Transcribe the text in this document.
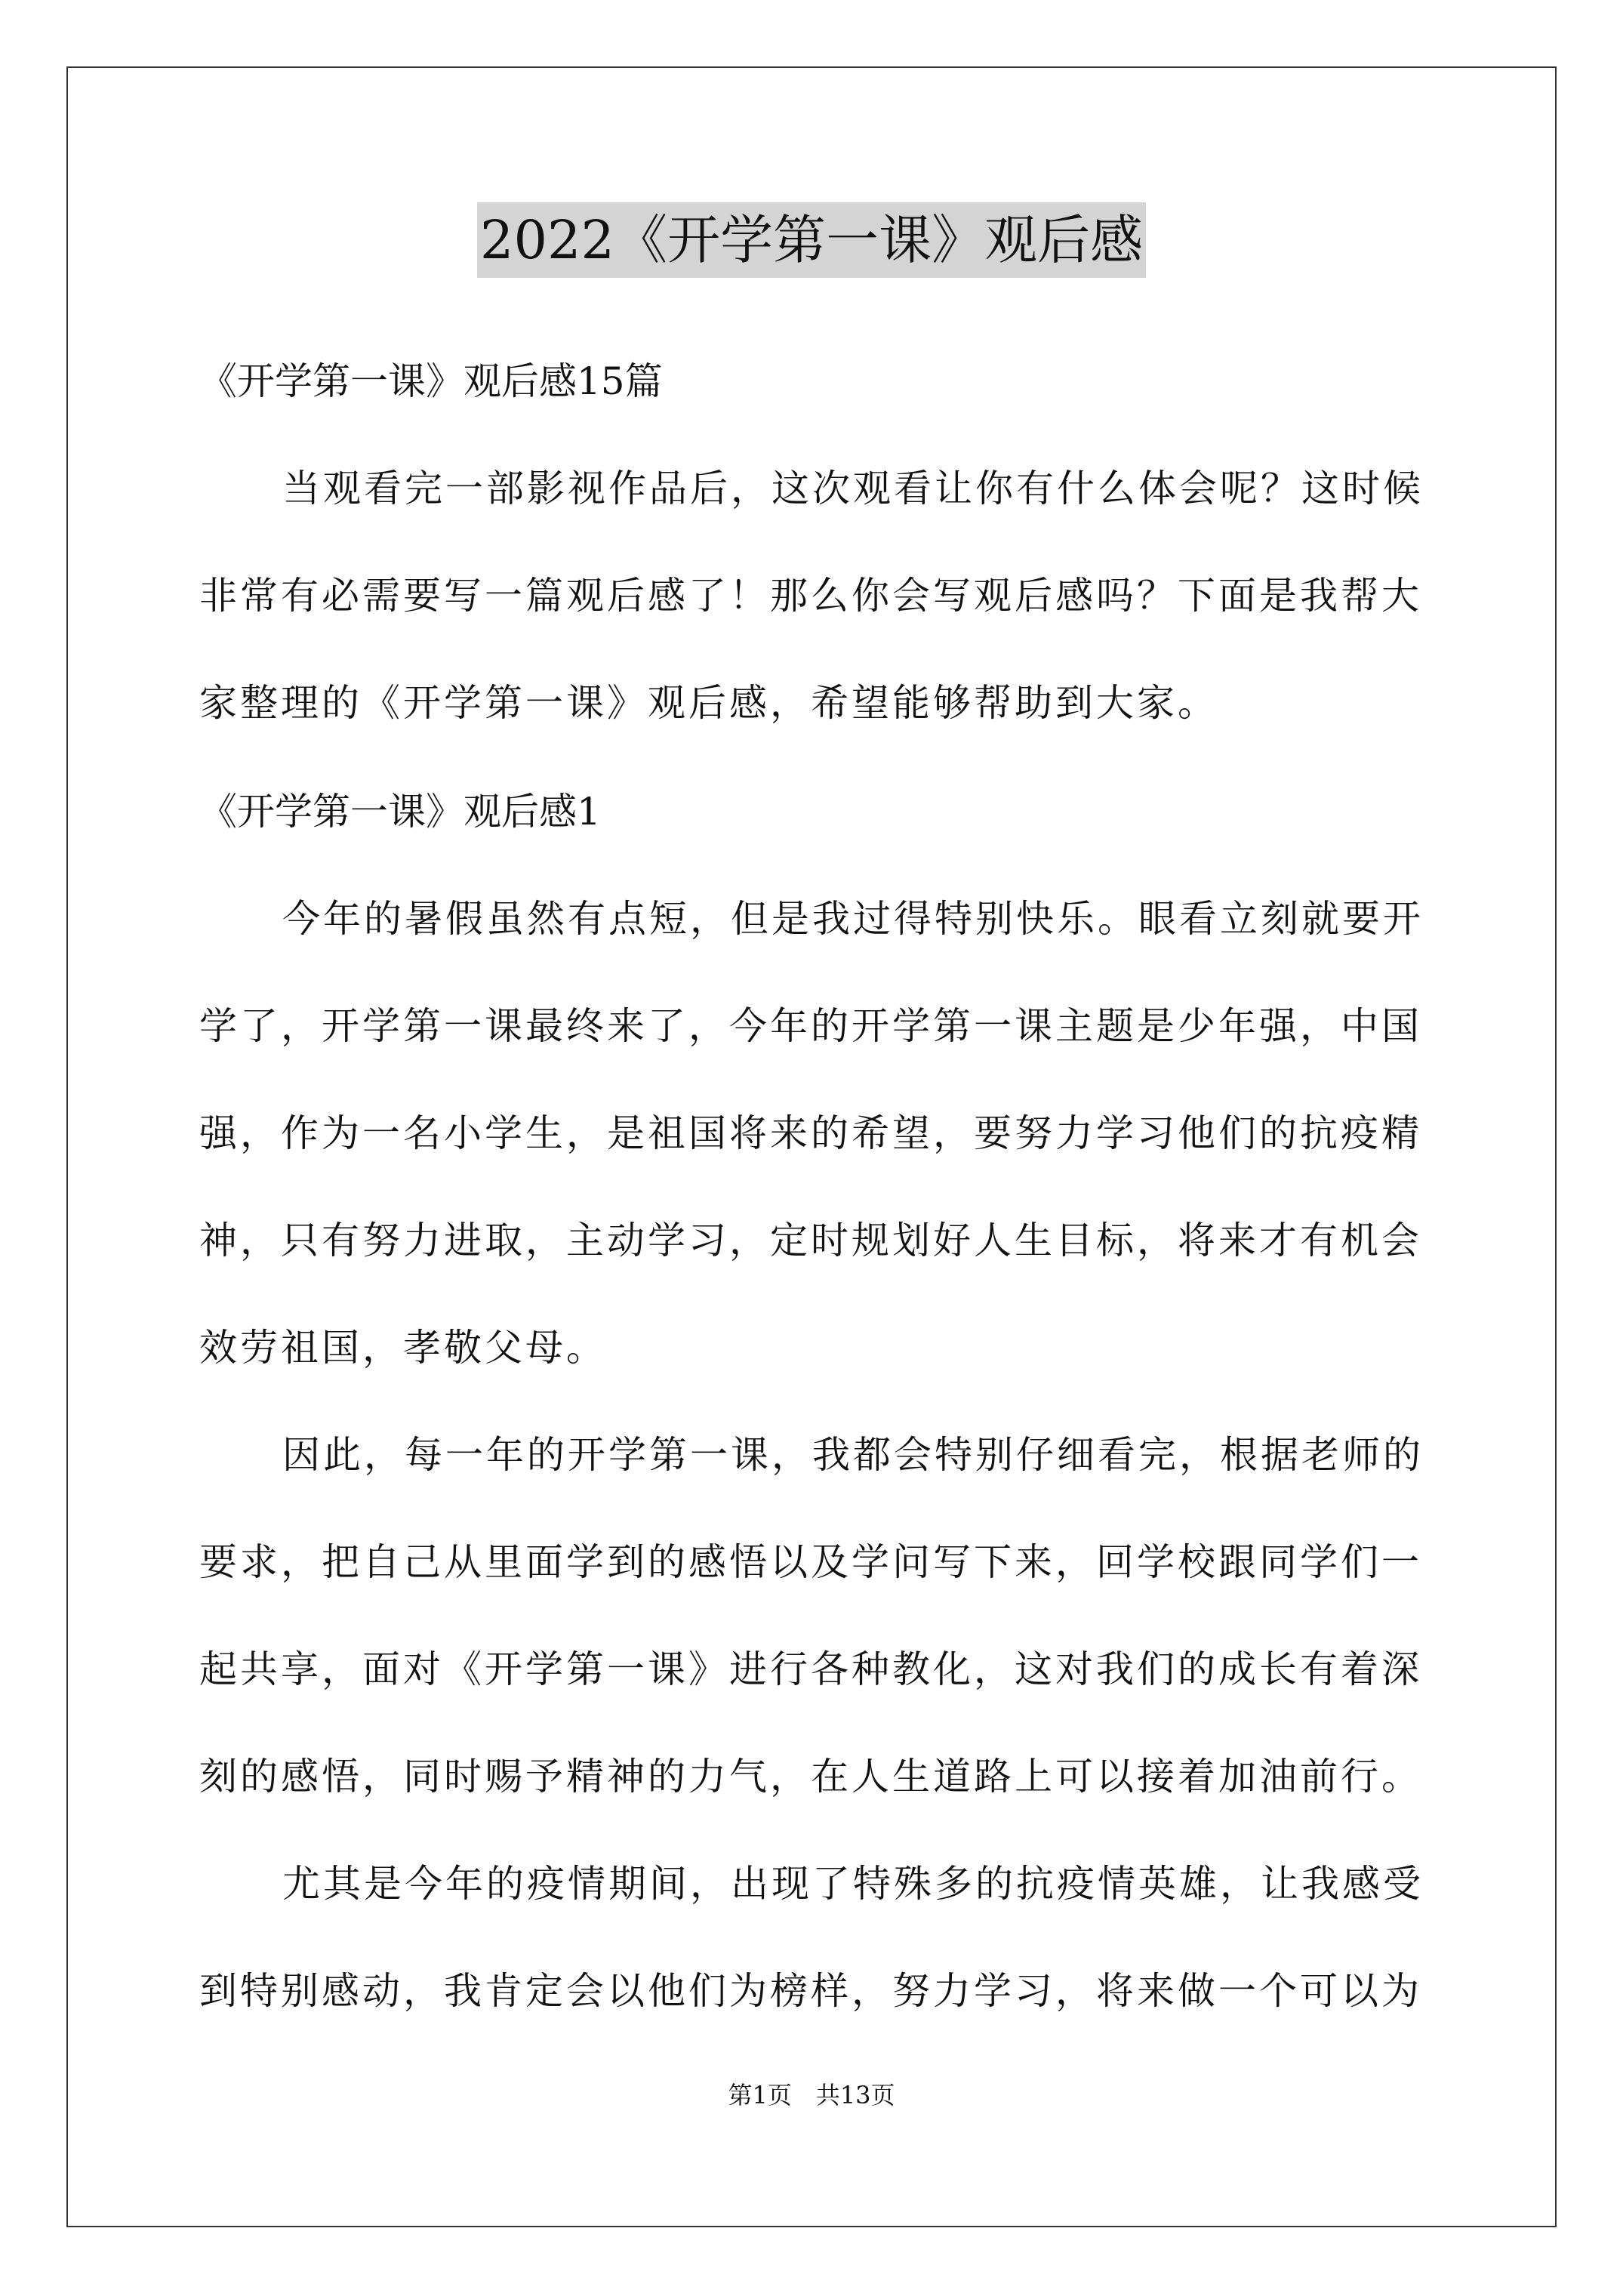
2022《开学第一课》观后感
《开学第一课》观后感15篇
当观看完一部影视作品后，这次观看让你有什么体会呢？这时候
非常有必需要写一篇观后感了！那么你会写观后感吗？下面是我帮大
家整理的《开学第一课》观后感，希望能够帮助到大家。
《开学第一课》观后感1
今年的暑假虽然有点短，但是我过得特别快乐。眼看立刻就要开
学了，开学第一课最终来了，今年的开学第一课主题是少年强，中国
强，作为一名小学生，是祖国将来的希望，要努力学习他们的抗疫精
神，只有努力进取，主动学习，定时规划好人生目标，将来才有机会
效劳祖国，孝敬父母。
因此，每一年的开学第一课，我都会特别仔细看完，根据老师的
要求，把自己从里面学到的感悟以及学问写下来，回学校跟同学们一
起共享，面对《开学第一课》进行各种教化，这对我们的成长有着深
刻的感悟，同时赐予精神的力气，在人生道路上可以接着加油前行。
尤其是今年的疫情期间，出现了特殊多的抗疫情英雄，让我感受
到特别感动，我肯定会以他们为榜样，努力学习，将来做一个可以为
第1页 共13页
